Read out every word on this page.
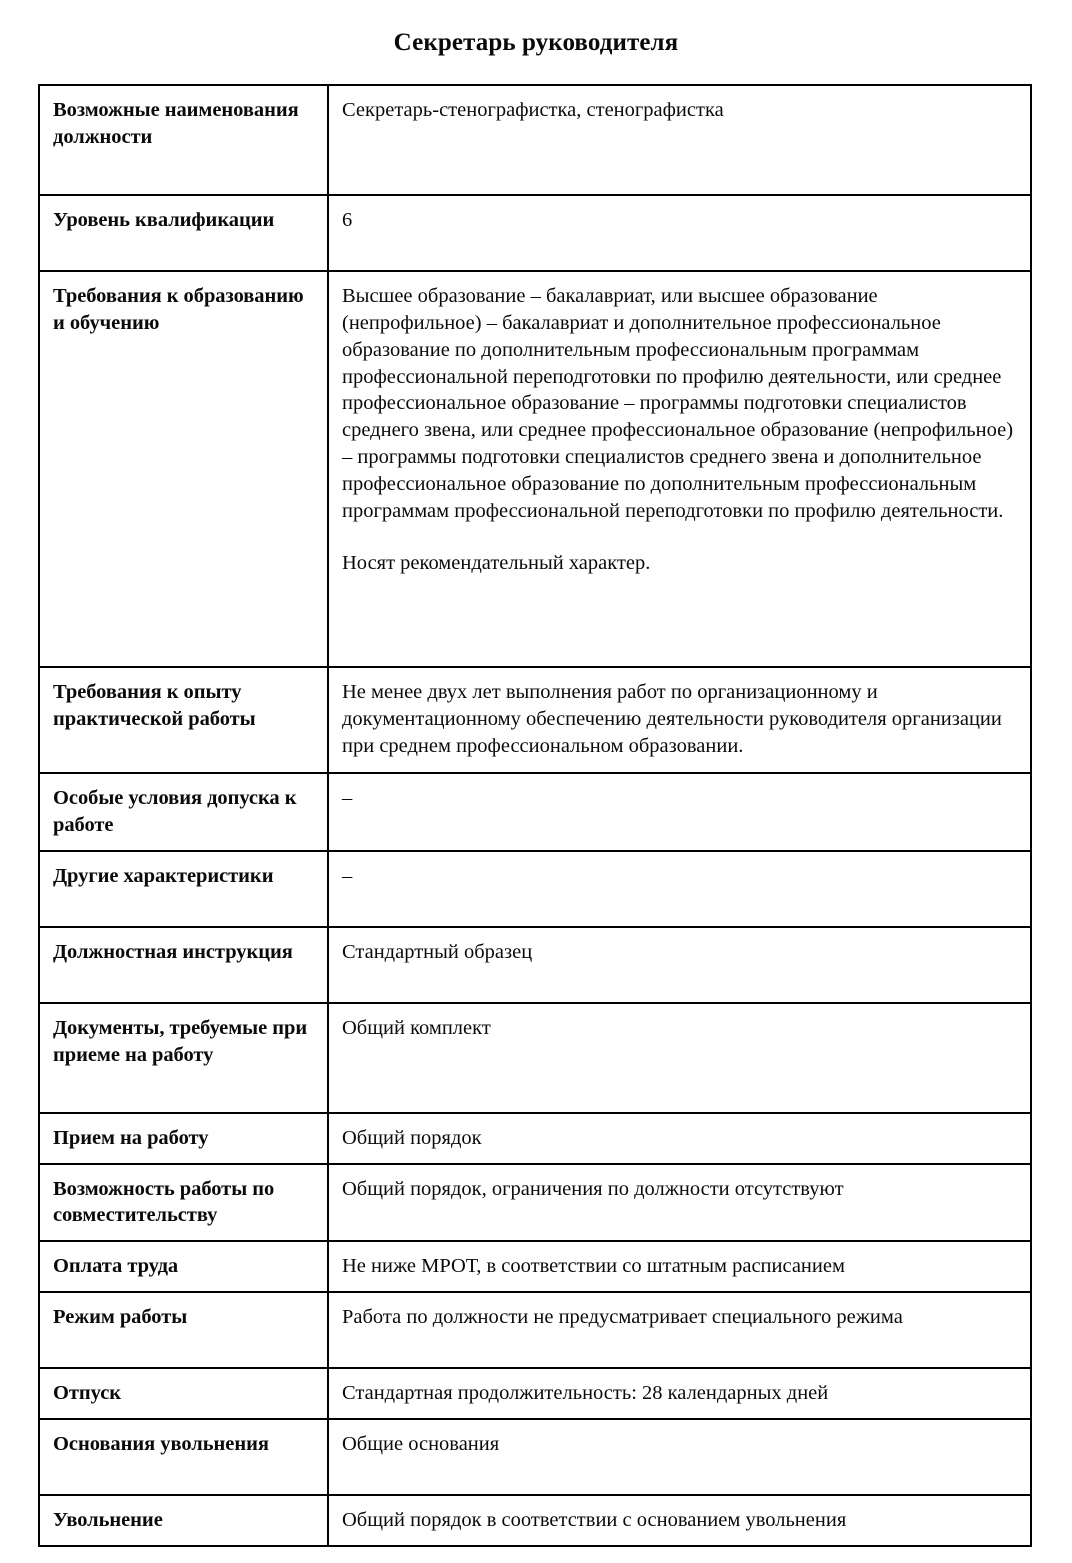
Секретарь руководителя
Возможные наименования должности	Секретарь-стенографистка, стенографистка

Уровень квалификации	6

Требования к образованию и обучению	Высшее образование – бакалавриат, или высшее образование (непрофильное) – бакалавриат и дополнительное профессиональное образование по дополнительным профессиональным программам профессиональной переподготовки по профилю деятельности, или среднее профессиональное образование – программы подготовки специалистов среднего звена, или среднее профессиональное образование (непрофильное) – программы подготовки специалистов среднего звена и дополнительное профессиональное образование по дополнительным профессиональным программам профессиональной переподготовки по профилю деятельности.

Носят рекомендательный характер.

Требования к опыту практической работы	Не менее двух лет выполнения работ по организационному и документационному обеспечению деятельности руководителя организации при среднем профессиональном образовании.

Особые условия допуска к работе	–

Другие характеристики	–

Должностная инструкция	Стандартный образец

Документы, требуемые при приеме на работу	Общий комплект

Прием на работу	Общий порядок

Возможность работы по совместительству	Общий порядок, ограничения по должности отсутствуют

Оплата труда	Не ниже МРОТ, в соответствии со штатным расписанием

Режим работы	Работа по должности не предусматривает специального режима

Отпуск	Стандартная продолжительность: 28 календарных дней

Основания увольнения	Общие основания

Увольнение	Общий порядок в соответствии с основанием увольнения
